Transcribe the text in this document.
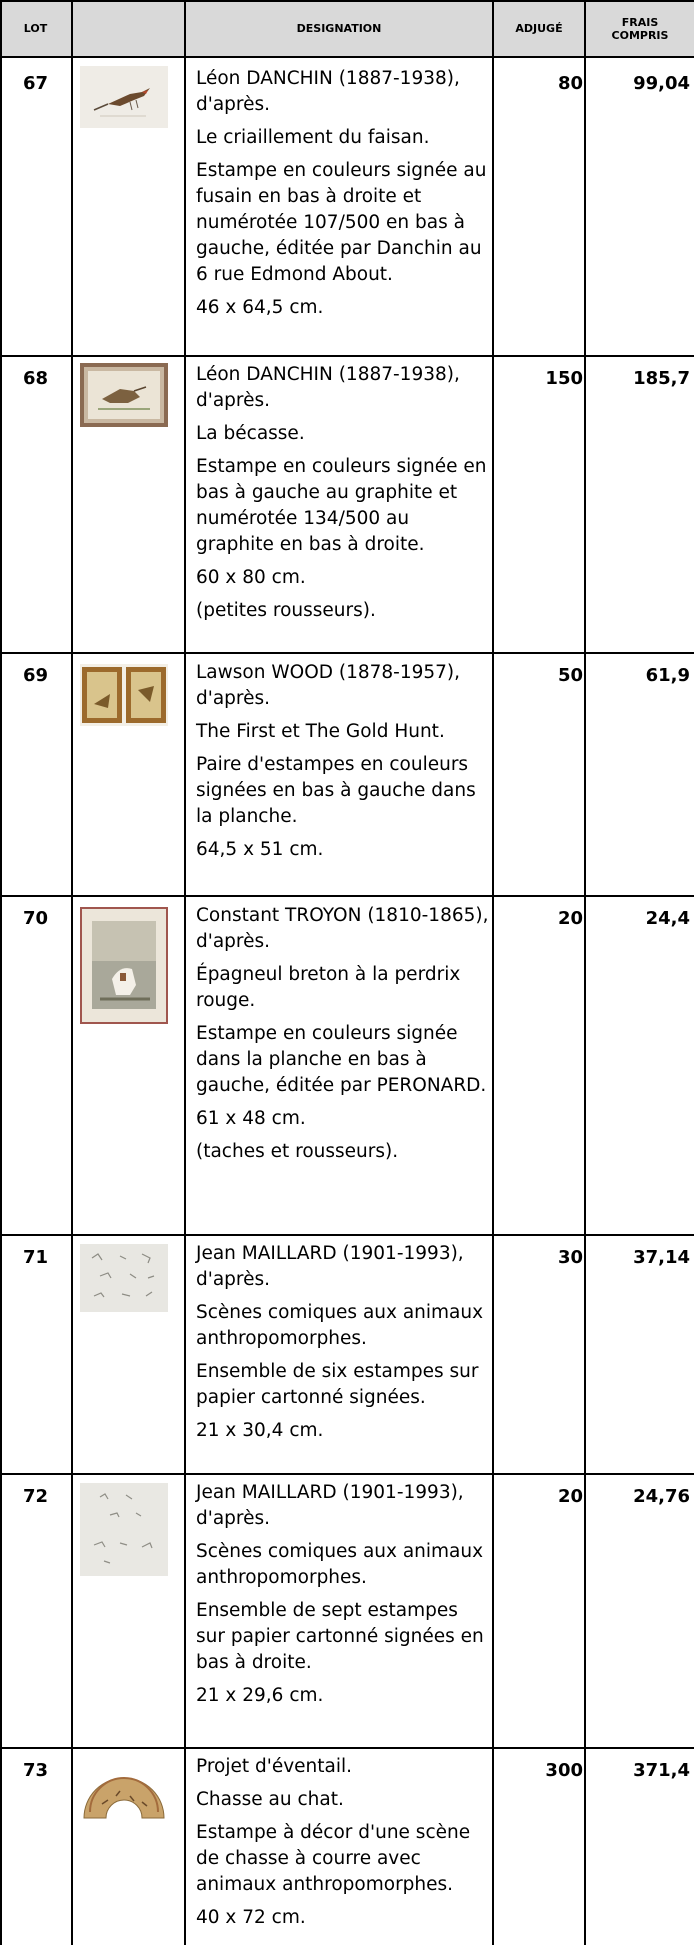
LOT	DESIGNATION	ADJUGÉ	FRAIS COMPRIS
67	Léon DANCHIN (1887-1938), d'après.
Le criaillement du faisan.
Estampe en couleurs signée au fusain en bas à droite et numérotée 107/500 en bas à gauche, éditée par Danchin au 6 rue Edmond About.
46 x 64,5 cm.
80	99,04
68	Léon DANCHIN (1887-1938), d'après.
La bécasse.
Estampe en couleurs signée en bas à gauche au graphite et numérotée 134/500 au graphite en bas à droite.
60 x 80 cm.
(petites rousseurs).
150	185,7
69	Lawson WOOD (1878-1957), d'après.
The First et The Gold Hunt.
Paire d'estampes en couleurs signées en bas à gauche dans la planche.
64,5 x 51 cm.
50	61,9
70	Constant TROYON (1810-1865), d'après.
Épagneul breton à la perdrix rouge.
Estampe en couleurs signée dans la planche en bas à gauche, éditée par PERONARD.
61 x 48 cm.
(taches et rousseurs).
20	24,4
71	Jean MAILLARD (1901-1993), d'après.
Scènes comiques aux animaux anthropomorphes.
Ensemble de six estampes sur papier cartonné signées.
21 x 30,4 cm.
30	37,14
72	Jean MAILLARD (1901-1993), d'après.
Scènes comiques aux animaux anthropomorphes.
Ensemble de sept estampes sur papier cartonné signées en bas à droite.
21 x 29,6 cm.
20	24,76
73	Projet d'éventail.
Chasse au chat.
Estampe à décor d'une scène de chasse à courre avec animaux anthropomorphes.
40 x 72 cm.
300	371,4
